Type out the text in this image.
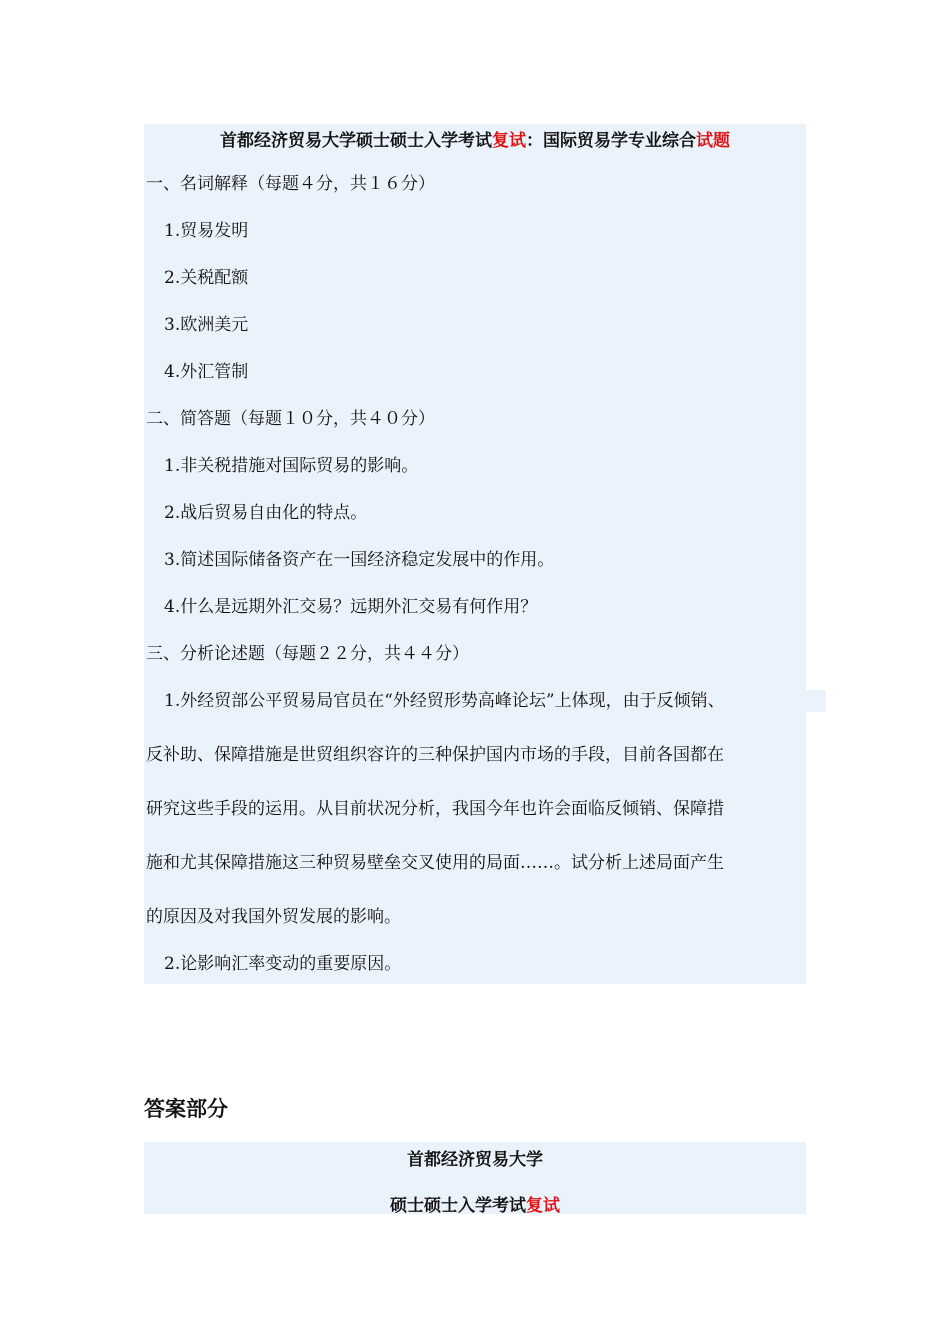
首都经济贸易大学硕士硕士入学考试复试：国际贸易学专业综合试题
一、名词解释（每题４分，共１６分）
1.贸易发明
2.关税配额
3.欧洲美元
4.外汇管制
二、简答题（每题１０分，共４０分）
1.非关税措施对国际贸易的影响。
2.战后贸易自由化的特点。
3.简述国际储备资产在一国经济稳定发展中的作用。
4.什么是远期外汇交易？远期外汇交易有何作用？
三、分析论述题（每题２２分，共４４分）
1.外经贸部公平贸易局官员在“外经贸形势高峰论坛”上体现，由于反倾销、
反补助、保障措施是世贸组织容许的三种保护国内市场的手段，目前各国都在
研究这些手段的运用。从目前状况分析，我国今年也许会面临反倾销、保障措
施和尤其保障措施这三种贸易壁垒交叉使用的局面……。试分析上述局面产生
的原因及对我国外贸发展的影响。
2.论影响汇率变动的重要原因。
答案部分
首都经济贸易大学
硕士硕士入学考试复试
